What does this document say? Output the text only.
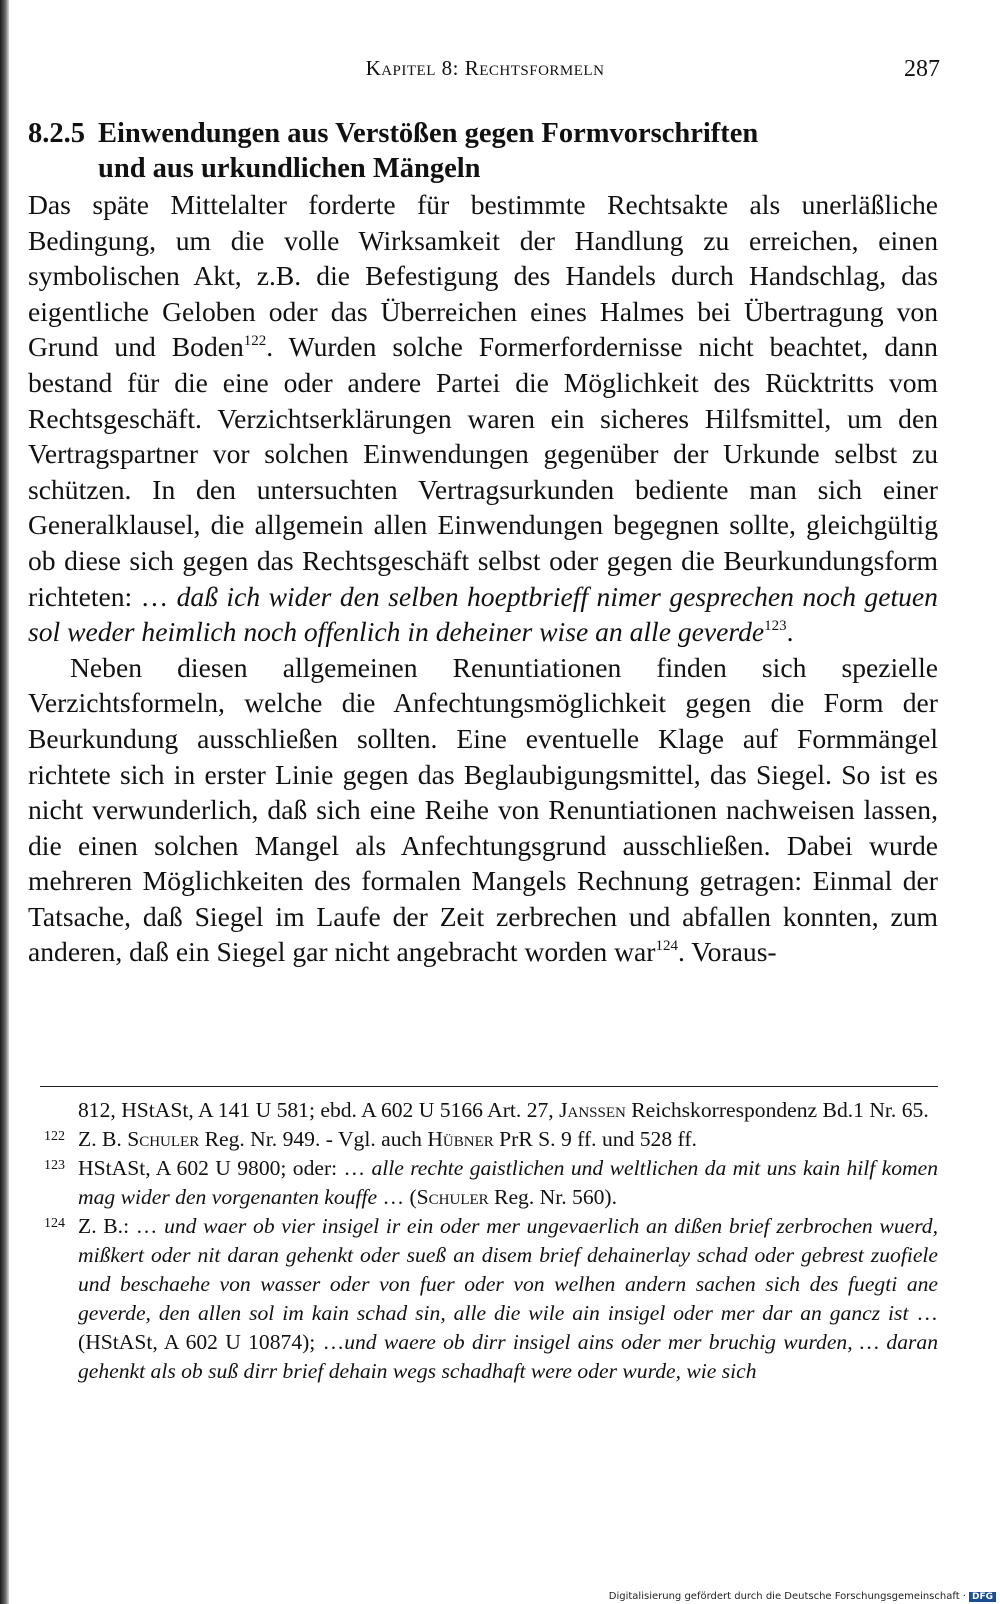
Kapitel 8: Rechtsformeln	287
8.2.5 Einwendungen aus Verstößen gegen Formvorschriften
und aus urkundlichen Mängeln

Das späte Mittelalter forderte für bestimmte Rechtsakte als unerläßliche Bedingung, um die volle Wirksamkeit der Handlung zu erreichen, einen symbolischen Akt, z.B. die Befestigung des Handels durch Handschlag, das eigentliche Geloben oder das Überreichen eines Halmes bei Übertragung von Grund und Boden$^{122}$. Wurden solche Formerfordernisse nicht beachtet, dann bestand für die eine oder andere Partei die Möglichkeit des Rücktritts vom Rechtsgeschäft. Verzichtserklärungen waren ein sicheres Hilfsmittel, um den Vertragspartner vor solchen Einwendungen gegenüber der Urkunde selbst zu schützen. In den untersuchten Vertragsurkunden bediente man sich einer Generalklausel, die allgemein allen Einwendungen begegnen sollte, gleichgültig ob diese sich gegen das Rechtsgeschäft selbst oder gegen die Beurkundungsform richteten: … daß ich wider den selben hoeptbrieff nimer gesprechen noch getuen sol weder heimlich noch offenlich in deheiner wise an alle geverde$^{123}$.

Neben diesen allgemeinen Renuntiationen finden sich spezielle Verzichtsformeln, welche die Anfechtungsmöglichkeit gegen die Form der Beurkundung ausschließen sollten. Eine eventuelle Klage auf Formmängel richtete sich in erster Linie gegen das Beglaubigungsmittel, das Siegel. So ist es nicht verwunderlich, daß sich eine Reihe von Renuntiationen nachweisen lassen, die einen solchen Mangel als Anfechtungsgrund ausschließen. Dabei wurde mehreren Möglichkeiten des formalen Mangels Rechnung getragen: Einmal der Tatsache, daß Siegel im Laufe der Zeit zerbrechen und abfallen konnten, zum anderen, daß ein Siegel gar nicht angebracht worden war$^{124}$. Voraus-

812, HStASt, A 141 U 581; ebd. A 602 U 5166 Art. 27, Janssen Reichskorrespondenz Bd.1 Nr. 65.
122 Z. B. Schuler Reg. Nr. 949. - Vgl. auch Hübner PrR S. 9 ff. und 528 ff.
123 HStASt, A 602 U 9800; oder: … alle rechte gaistlichen und weltlichen da mit uns kain hilf komen mag wider den vorgenanten kouffe … (Schuler Reg. Nr. 560).
124 Z. B.: … und waer ob vier insigel ir ein oder mer ungevaerlich an dißen brief zerbrochen wuerd, mißkert oder nit daran gehenkt oder sueß an disem brief dehainerlay schad oder gebrest zuofiele und beschaehe von wasser oder von fuer oder von welhen andern sachen sich des fuegti ane geverde, den allen sol im kain schad sin, alle die wile ain insigel oder mer dar an gancz ist … (HStASt, A 602 U 10874); …und waere ob dirr insigel ains oder mer bruchig wurden, … daran gehenkt als ob suß dirr brief dehain wegs schadhaft were oder wurde, wie sich
Digitalisierung gefördert durch die Deutsche Forschungsgemeinschaft · DFG
